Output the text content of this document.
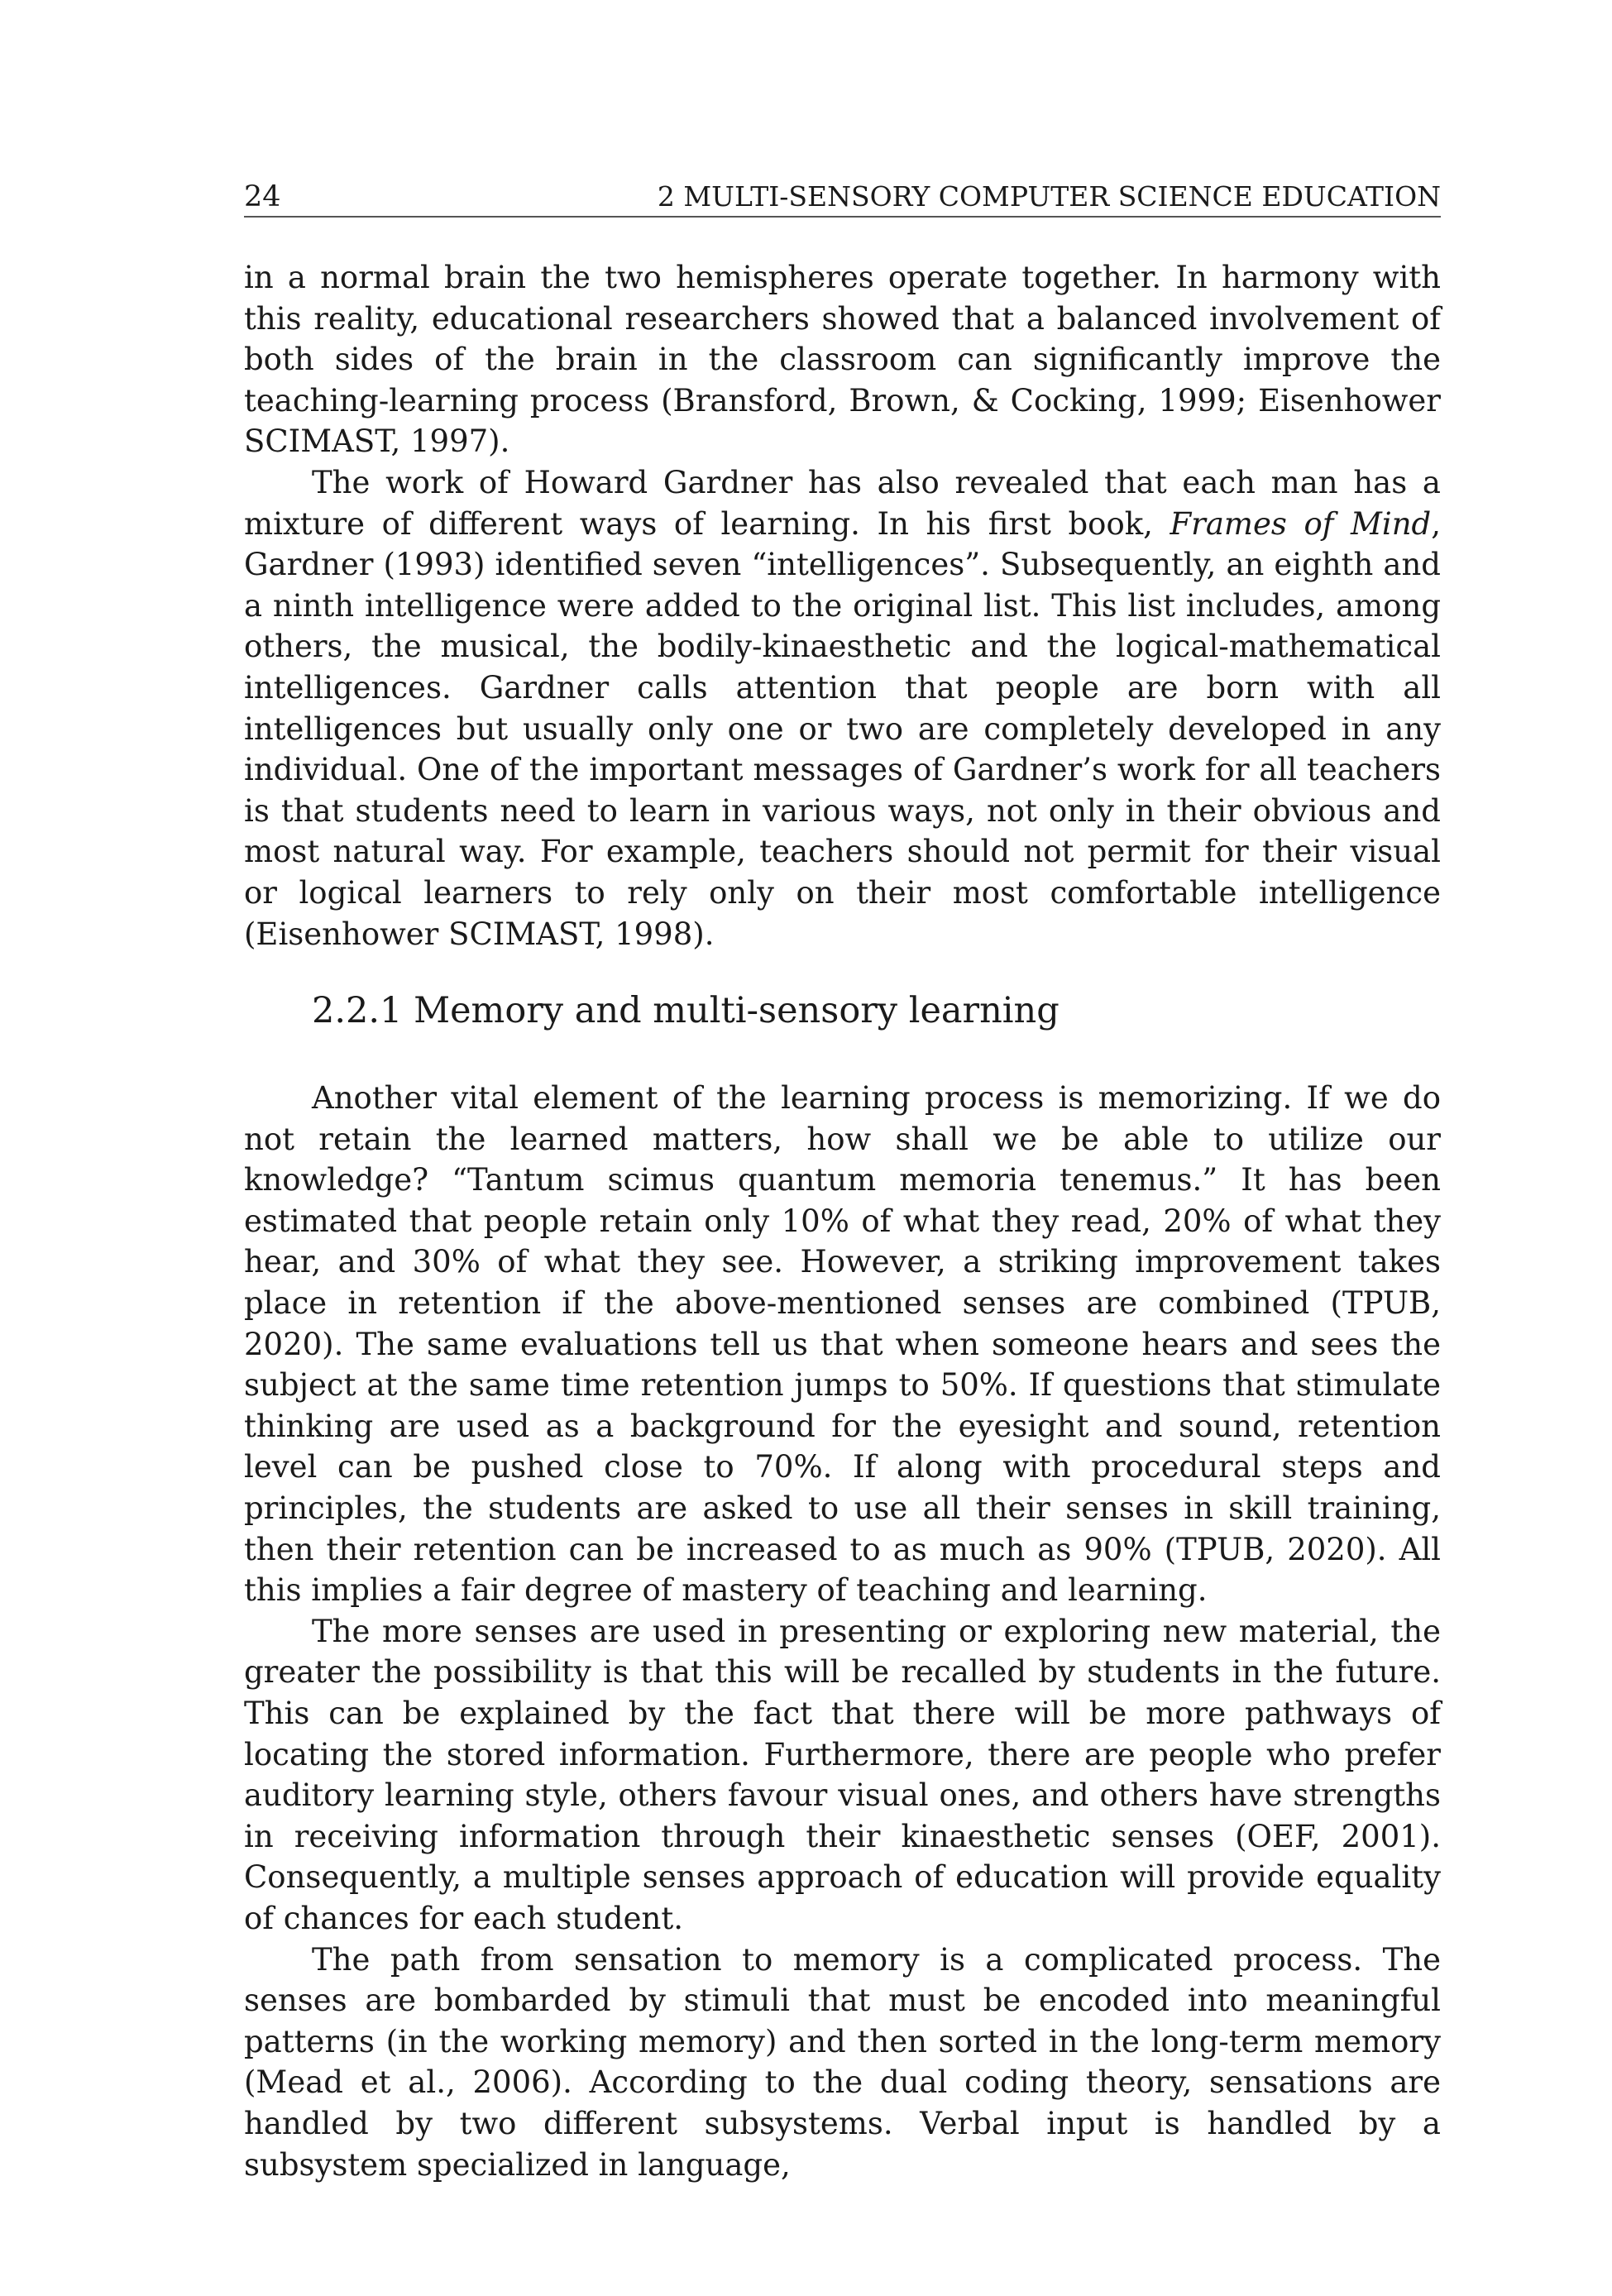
24	2 MULTI-SENSORY COMPUTER SCIENCE EDUCATION

in a normal brain the two hemispheres operate together. In harmony with this reality, educational researchers showed that a balanced involvement of both sides of the brain in the classroom can significantly improve the teaching-learning process (Bransford, Brown, & Cocking, 1999; Eisenhower SCIMAST, 1997).

The work of Howard Gardner has also revealed that each man has a mixture of different ways of learning. In his first book, Frames of Mind, Gardner (1993) identified seven “intelligences”. Subsequently, an eighth and a ninth intelligence were added to the original list. This list includes, among others, the musical, the bodily-kinaesthetic and the logical-mathematical intelligences. Gardner calls attention that people are born with all intelligences but usually only one or two are completely developed in any individual. One of the important messages of Gardner’s work for all teachers is that students need to learn in various ways, not only in their obvious and most natural way. For example, teachers should not permit for their visual or logical learners to rely only on their most comfortable intelligence (Eisenhower SCIMAST, 1998).

2.2.1 Memory and multi-sensory learning

Another vital element of the learning process is memorizing. If we do not retain the learned matters, how shall we be able to utilize our knowledge? “Tantum scimus quantum memoria tenemus.” It has been estimated that people retain only 10% of what they read, 20% of what they hear, and 30% of what they see. However, a striking improvement takes place in retention if the above-mentioned senses are combined (TPUB, 2020). The same evaluations tell us that when someone hears and sees the subject at the same time retention jumps to 50%. If questions that stimulate thinking are used as a background for the eyesight and sound, retention level can be pushed close to 70%. If along with procedural steps and principles, the students are asked to use all their senses in skill training, then their retention can be increased to as much as 90% (TPUB, 2020). All this implies a fair degree of mastery of teaching and learning.

The more senses are used in presenting or exploring new material, the greater the possibility is that this will be recalled by students in the future. This can be explained by the fact that there will be more pathways of locating the stored information. Furthermore, there are people who prefer auditory learning style, others favour visual ones, and others have strengths in receiving information through their kinaesthetic senses (OEF, 2001). Consequently, a multiple senses approach of education will provide equality of chances for each student.

The path from sensation to memory is a complicated process. The senses are bombarded by stimuli that must be encoded into meaningful patterns (in the working memory) and then sorted in the long-term memory (Mead et al., 2006). According to the dual coding theory, sensations are handled by two different subsystems. Verbal input is handled by a subsystem specialized in language,
